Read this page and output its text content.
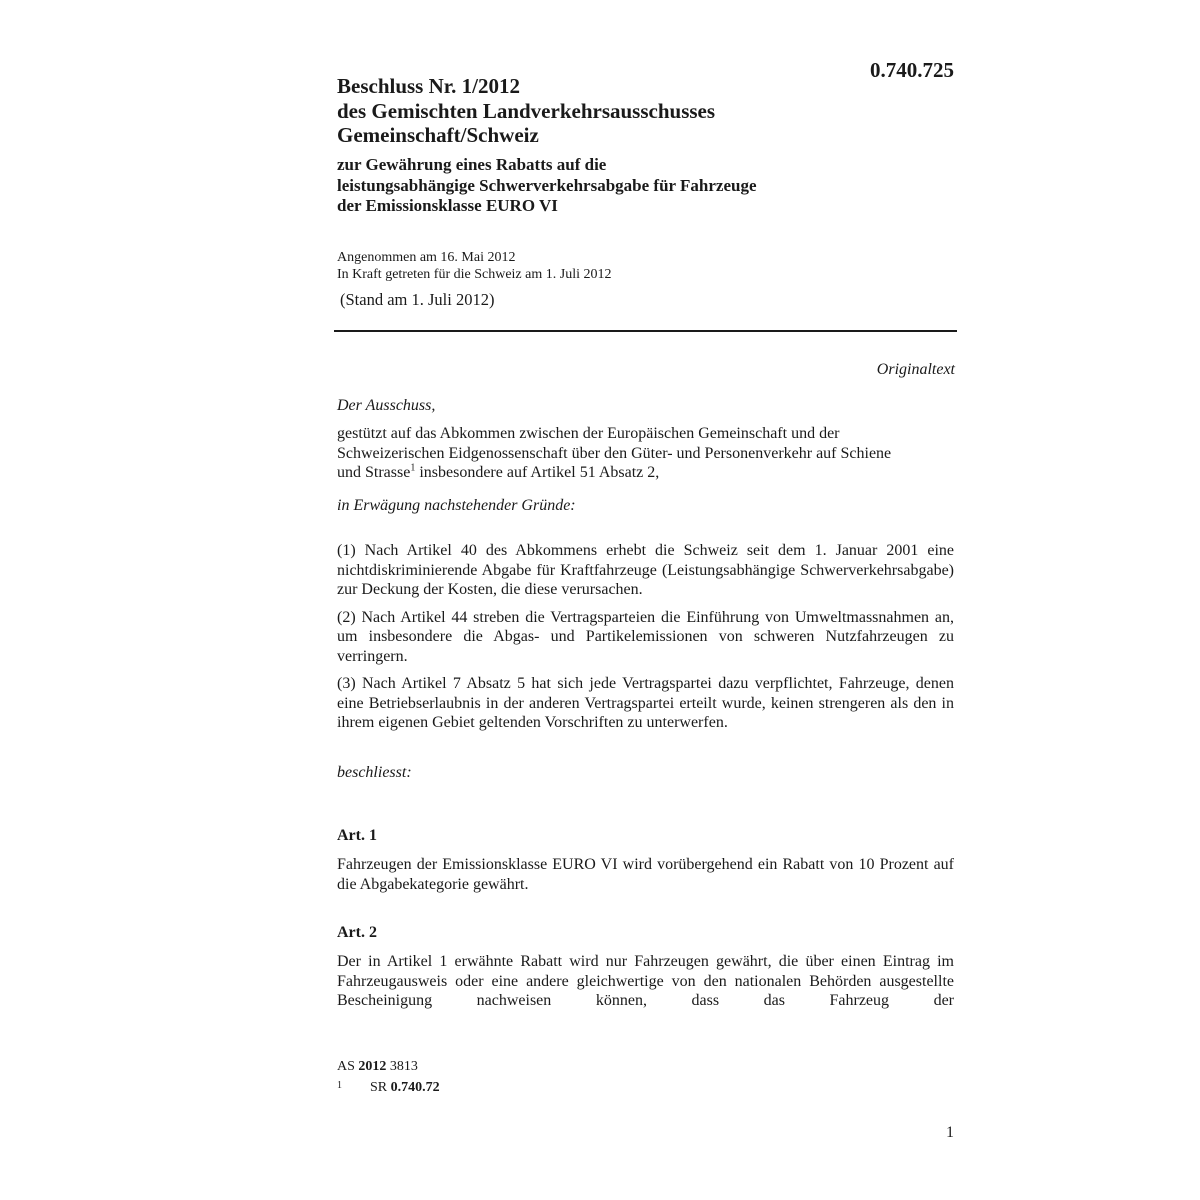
0.740.725
Beschluss Nr. 1/2012
des Gemischten Landverkehrsausschusses
Gemeinschaft/Schweiz
zur Gewährung eines Rabatts auf die
leistungsabhängige Schwerverkehrsabgabe für Fahrzeuge
der Emissionsklasse EURO VI
Angenommen am 16. Mai 2012
In Kraft getreten für die Schweiz am 1. Juli 2012
(Stand am 1. Juli 2012)
Originaltext
Der Ausschuss,
gestützt auf das Abkommen zwischen der Europäischen Gemeinschaft und der Schweizerischen Eidgenossenschaft über den Güter- und Personenverkehr auf Schiene und Strasse$^1$ insbesondere auf Artikel 51 Absatz 2,
in Erwägung nachstehender Gründe:

(1) Nach Artikel 40 des Abkommens erhebt die Schweiz seit dem 1. Januar 2001 eine nichtdiskriminierende Abgabe für Kraftfahrzeuge (Leistungsabhängige Schwerverkehrsabgabe) zur Deckung der Kosten, die diese verursachen.

(2) Nach Artikel 44 streben die Vertragsparteien die Einführung von Umweltmassnahmen an, um insbesondere die Abgas- und Partikelemissionen von schweren Nutzfahrzeugen zu verringern.

(3) Nach Artikel 7 Absatz 5 hat sich jede Vertragspartei dazu verpflichtet, Fahrzeuge, denen eine Betriebserlaubnis in der anderen Vertragspartei erteilt wurde, keinen strengeren als den in ihrem eigenen Gebiet geltenden Vorschriften zu unterwerfen.

beschliesst:
Art. 1
Fahrzeugen der Emissionsklasse EURO VI wird vorübergehend ein Rabatt von 10 Prozent auf die Abgabekategorie gewährt.
Art. 2
Der in Artikel 1 erwähnte Rabatt wird nur Fahrzeugen gewährt, die über einen Eintrag im Fahrzeugausweis oder eine andere gleichwertige von den nationalen Behörden ausgestellte Bescheinigung nachweisen können, dass das Fahrzeug der
AS 2012 3813
1 SR 0.740.72
1
